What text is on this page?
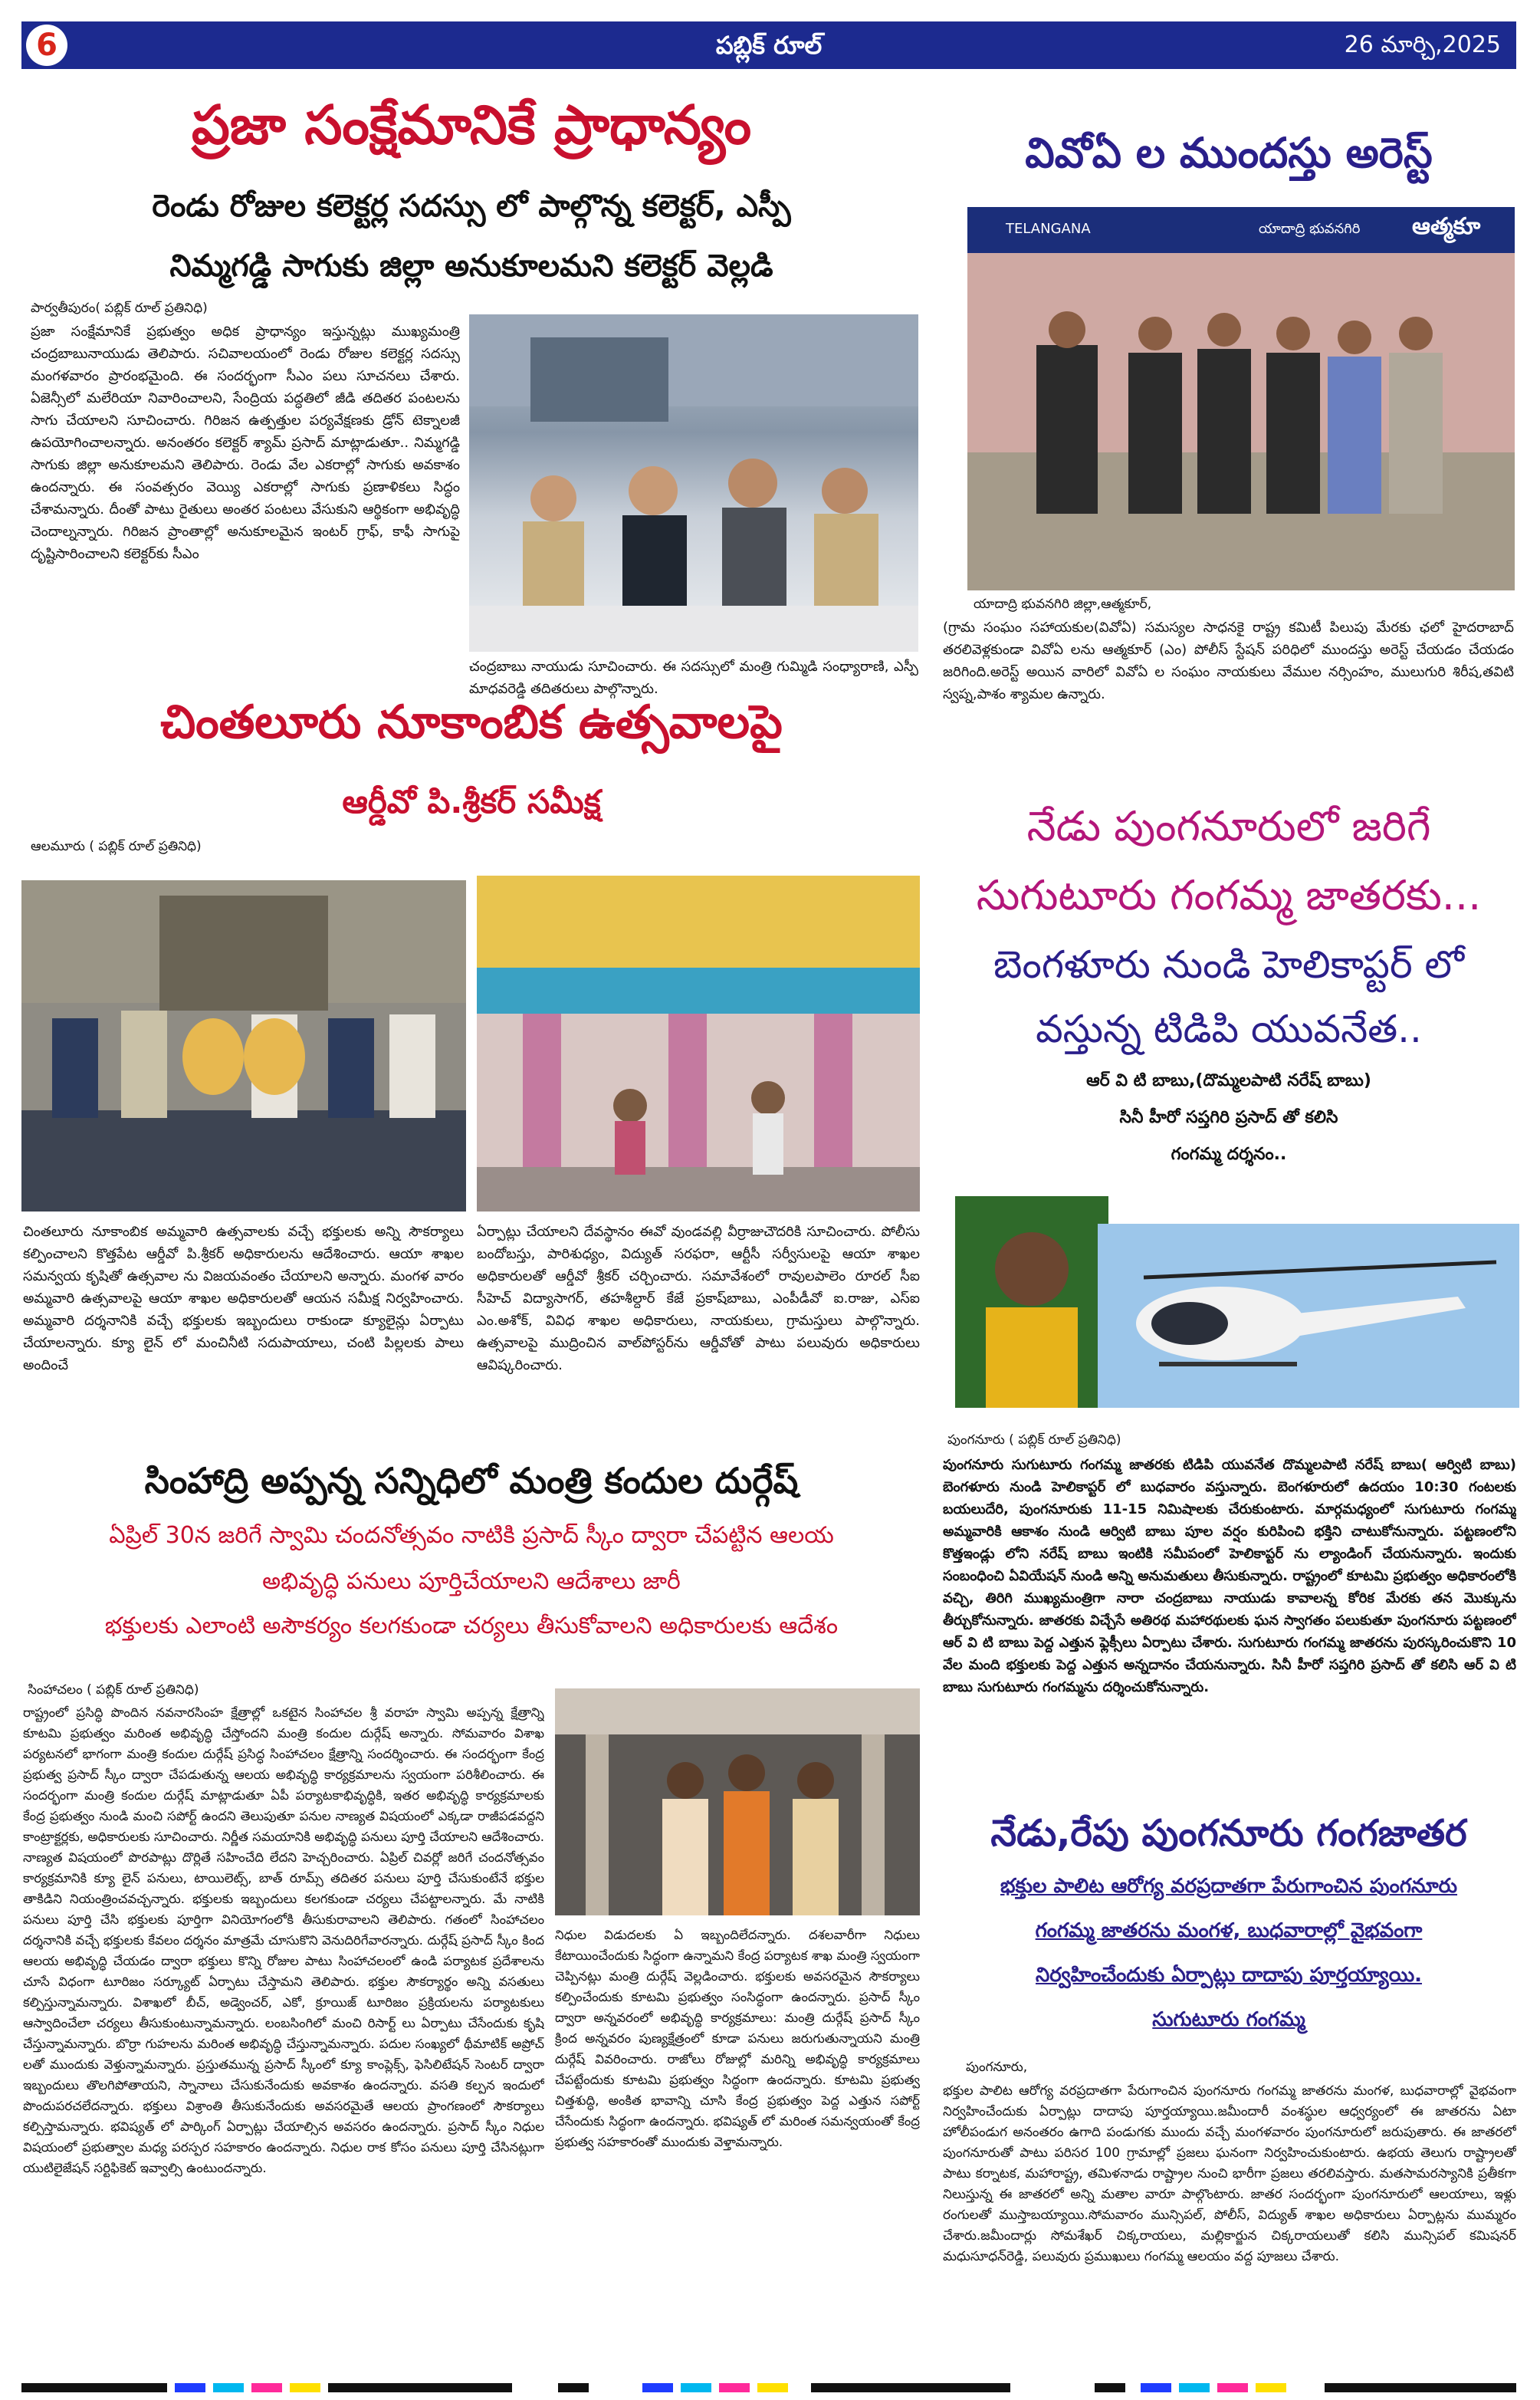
6	పబ్లిక్ రూల్	26 మార్చి,2025
ప్రజా సంక్షేమానికే ప్రాధాన్యం
రెండు రోజుల కలెక్టర్ల సదస్సు లో పాల్గొన్న కలెక్టర్, ఎస్పీ
నిమ్మగడ్డి సాగుకు జిల్లా అనుకూలమని కలెక్టర్ వెల్లడి
పార్వతీపురం( పబ్లిక్ రూల్ ప్రతినిధి)
ప్రజా సంక్షేమానికే ప్రభుత్వం అధిక ప్రాధాన్యం ఇస్తున్నట్లు ముఖ్యమంత్రి చంద్రబాబునాయుడు తెలిపారు. సచివాలయంలో రెండు రోజుల కలెక్టర్ల సదస్సు మంగళవారం ప్రారంభమైంది. ఈ సందర్భంగా సీఎం పలు సూచనలు చేశారు. ఏజెన్సీలో మలేరియా నివారించాలని, సేంద్రియ పద్ధతిలో జీడి తదితర పంటలను సాగు చేయాలని సూచించారు. గిరిజన ఉత్పత్తుల పర్యవేక్షణకు డ్రోన్ టెక్నాలజీ ఉపయోగించాలన్నారు. అనంతరం కలెక్టర్ శ్యామ్ ప్రసాద్ మాట్లాడుతూ.. నిమ్మగడ్డి సాగుకు జిల్లా అనుకూలమని తెలిపారు. రెండు వేల ఎకరాల్లో సాగుకు అవకాశం ఉందన్నారు. ఈ సంవత్సరం వెయ్యి ఎకరాల్లో సాగుకు ప్రణాళికలు సిద్ధం చేశామన్నారు. దీంతో పాటు రైతులు అంతర పంటలు వేసుకుని ఆర్థికంగా అభివృద్ధి చెందాల్నన్నారు. గిరిజన ప్రాంతాల్లో అనుకూలమైన ఇంటర్ గ్రాఫ్, కాఫీ సాగుపై దృష్టిసారించాలని కలెక్టర్‌కు సీఎం
చంద్రబాబు నాయుడు సూచించారు. ఈ సదస్సులో మంత్రి గుమ్మిడి సంధ్యారాణి, ఎస్పీ మాధవరెడ్డి తదితరులు పాల్గొన్నారు.
వివోఏ ల ముందస్తు అరెస్ట్
TELANGANA	యాదాద్రి భువనగిరి ఆత్మకూ
యాదాద్రి భువనగిరి జిల్లా,ఆత్మకూర్,
(గ్రామ సంఘం సహాయకుల(వివోఏ) సమస్యల సాధనకై రాష్ట్ర కమిటీ పిలుపు మేరకు ఛలో హైదరాబాద్ తరలివెళ్లకుండా వివోఏ లను ఆత్మకూర్ (ఎం) పోలీస్ స్టేషన్ పరిధిలో ముందస్తు అరెస్ట్ చేయడం చేయడం జరిగింది.అరెస్ట్ అయిన వారిలో వివోఏ ల సంఘం నాయకులు వేముల నర్సింహం, ములుగురి శిరీష,తవిటి స్వప్న,పాశం శ్యామల ఉన్నారు.
చింతలూరు నూకాంబిక ఉత్సవాలపై
ఆర్డీవో పి.శ్రీకర్ సమీక్ష
ఆలమూరు ( పబ్లిక్ రూల్ ప్రతినిధి)
చింతలూరు నూకాంబిక అమ్మవారి ఉత్సవాలకు వచ్చే భక్తులకు అన్ని సౌకర్యాలు కల్పించాలని కొత్తపేట ఆర్డీవో పి.శ్రీకర్ అధికారులను ఆదేశించారు. ఆయా శాఖల సమన్వయ కృషితో ఉత్సవాల ను విజయవంతం చేయాలని అన్నారు. మంగళ వారం అమ్మవారి ఉత్సవాలపై ఆయా శాఖల అధికారులతో ఆయన సమీక్ష నిర్వహించారు. అమ్మవారి దర్శనానికి వచ్చే భక్తులకు ఇబ్బందులు రాకుండా క్యూలైన్లు ఏర్పాటు చేయాలన్నారు. క్యూ లైన్ లో మంచినీటి సదుపాయాలు, చంటి పిల్లలకు పాలు అందించే
ఏర్పాట్లు చేయాలని దేవస్థానం ఈవో వుండవల్లి వీర్రాజుచౌదరికి సూచించారు. పోలీసు బందోబస్తు, పారిశుధ్యం, విద్యుత్ సరఫరా, ఆర్టీసీ సర్వీసులపై ఆయా శాఖల అధికారులతో ఆర్డీవో శ్రీకర్ చర్చించారు. సమావేశంలో రావులపాలెం రూరల్ సీఐ సీహెచ్ విద్యాసాగర్, తహశీల్దార్ కేజే ప్రకాష్‌బాబు, ఎంపీడీవో ఐ.రాజు, ఎస్ఐ ఎం.అశోక్, వివిధ శాఖల అధికారులు, నాయకులు, గ్రామస్తులు పాల్గొన్నారు. ఉత్సవాలపై ముద్రించిన వాల్‌పోస్టర్‌ను ఆర్డీవోతో పాటు పలువురు అధికారులు ఆవిష్కరించారు.
నేడు పుంగనూరులో జరిగే
సుగుటూరు గంగమ్మ జాతరకు...
బెంగళూరు నుండి హెలికాప్టర్ లో
వస్తున్న టిడిపి యువనేత..
ఆర్ వి టి బాబు,(దొమ్మలపాటి నరేష్ బాబు)
సినీ హీరో సప్తగిరి ప్రసాద్ తో కలిసి
గంగమ్మ దర్శనం..
పుంగనూరు ( పబ్లిక్ రూల్ ప్రతినిధి)
పుంగనూరు సుగుటూరు గంగమ్మ జాతరకు టిడిపి యువనేత దొమ్మలపాటి నరేష్ బాబు( ఆర్విటి బాబు) బెంగళూరు నుండి హెలికాప్టర్ లో బుధవారం వస్తున్నారు. బెంగళూరులో ఉదయం 10:30 గంటలకు బయలుదేరి, పుంగనూరుకు 11-15 నిమిషాలకు చేరుకుంటారు. మార్గమధ్యంలో సుగుటూరు గంగమ్మ అమ్మవారికి ఆకాశం నుండి ఆర్విటి బాబు పూల వర్షం కురిపించి భక్తిని చాటుకోనున్నారు. పట్టణంలోని కొత్తఇండ్లు లోని నరేష్ బాబు ఇంటికి సమీపంలో హెలికాప్టర్ ను ల్యాండింగ్ చేయనున్నారు. ఇందుకు సంబంధించి ఏవియేషన్ నుండి అన్ని అనుమతులు తీసుకున్నారు. రాష్ట్రంలో కూటమి ప్రభుత్వం అధికారంలోకి వచ్చి, తిరిగి ముఖ్యమంత్రిగా నారా చంద్రబాబు నాయుడు కావాలన్న కోరిక మేరకు తన మొక్కును తీర్చుకోనున్నారు. జాతరకు విచ్చేసే అతిరథ మహారథులకు ఘన స్వాగతం పలుకుతూ పుంగనూరు పట్టణంలో ఆర్ వి టి బాబు పెద్ద ఎత్తున ఫ్లెక్సీలు ఏర్పాటు చేశారు. సుగుటూరు గంగమ్మ జాతరను పురస్కరించుకొని 10 వేల మంది భక్తులకు పెద్ద ఎత్తున అన్నదానం చేయనున్నారు. సినీ హీరో సప్తగిరి ప్రసాద్ తో కలిసి ఆర్ వి టి బాబు సుగుటూరు గంగమ్మను దర్శించుకోనున్నారు.
సింహాద్రి అప్పన్న సన్నిధిలో మంత్రి కందుల దుర్గేష్
ఏప్రిల్ 30న జరిగే స్వామి చందనోత్సవం నాటికి ప్రసాద్ స్కీం ద్వారా చేపట్టిన ఆలయ
అభివృద్ధి పనులు పూర్తిచేయాలని ఆదేశాలు జారీ
భక్తులకు ఎలాంటి అసౌకర్యం కలగకుండా చర్యలు తీసుకోవాలని అధికారులకు ఆదేశం
సింహాచలం ( పబ్లిక్ రూల్ ప్రతినిధి)
రాష్ట్రంలో ప్రసిద్ధి పొందిన నవనారసింహ క్షేత్రాల్లో ఒకటైన సింహాచల శ్రీ వరాహ స్వామి అప్పన్న క్షేత్రాన్ని కూటమి ప్రభుత్వం మరింత అభివృద్ధి చేస్తోందని మంత్రి కందుల దుర్గేష్ అన్నారు. సోమవారం విశాఖ పర్యటనలో భాగంగా మంత్రి కందుల దుర్గేష్ ప్రసిద్ధ సింహాచలం క్షేత్రాన్ని సందర్శించారు. ఈ సందర్భంగా కేంద్ర ప్రభుత్వ ప్రసాద్ స్కీం ద్వారా చేపడుతున్న ఆలయ అభివృద్ధి కార్యక్రమాలను స్వయంగా పరిశీలించారు. ఈ సందర్భంగా మంత్రి కందుల దుర్గేష్ మాట్లాడుతూ ఏపీ పర్యాటకాభివృద్ధికి, ఇతర అభివృద్ధి కార్యక్రమాలకు కేంద్ర ప్రభుత్వం నుండి మంచి సపోర్ట్ ఉందని తెలుపుతూ పనుల నాణ్యత విషయంలో ఎక్కడా రాజీపడవద్దని కాంట్రాక్టర్లకు, అధికారులకు సూచించారు. నిర్ణీత సమయానికి అభివృద్ధి పనులు పూర్తి చేయాలని ఆదేశించారు. నాణ్యత విషయంలో పొరపాట్లు దొర్లితే సహించేది లేదని హెచ్చరించారు. ఏప్రిల్ చివర్లో జరిగే చందనోత్సవం కార్యక్రమానికి క్యూ లైన్ పనులు, టాయిలెట్స్, బాత్ రూమ్స్ తదితర పనులు పూర్తి చేసుకుంటేనే భక్తుల తాకిడిని నియంత్రించవచ్చన్నారు. భక్తులకు ఇబ్బందులు కలగకుండా చర్యలు చేపట్టాలన్నారు. మే నాటికి పనులు పూర్తి చేసి భక్తులకు పూర్తిగా వినియోగంలోకి తీసుకురావాలని తెలిపారు. గతంలో సింహాచలం దర్శనానికి వచ్చే భక్తులకు కేవలం దర్శనం మాత్రమే చూసుకొని వెనుదిరిగేవారన్నారు. దుర్గేష్ ప్రసాద్ స్కీం కింద ఆలయ అభివృద్ధి చేయడం ద్వారా భక్తులు కొన్ని రోజుల పాటు సింహాచలంలో ఉండి పర్యాటక ప్రదేశాలను చూసే విధంగా టూరిజం సర్క్యూట్ ఏర్పాటు చేస్తామని తెలిపారు. భక్తుల సౌకర్యార్థం అన్ని వసతులు కల్పిస్తున్నామన్నారు. విశాఖలో బీచ్, అడ్వెంచర్, ఎకో, క్రూయిజ్ టూరిజం ప్రక్రియలను పర్యాటకులు ఆస్వాదించేలా చర్యలు తీసుకుంటున్నామన్నారు. లంబసింగిలో మంచి రిసార్ట్ లు ఏర్పాటు చేసేందుకు కృషి చేస్తున్నామన్నారు. బొర్రా గుహలను మరింత అభివృద్ధి చేస్తున్నామన్నారు. పదుల సంఖ్యలో థీమాటిక్ అప్రోచ్ లతో ముందుకు వెళ్తున్నామన్నారు. ప్రస్తుతమున్న ప్రసాద్ స్కీంలో క్యూ కాంప్లెక్స్, ఫెసిలిటేషన్ సెంటర్ ద్వారా ఇబ్బందులు తొలగిపోతాయని, స్నానాలు చేసుకునేందుకు అవకాశం ఉందన్నారు. వసతి కల్పన ఇందులో పొందుపరచలేదన్నారు. భక్తులు విశ్రాంతి తీసుకునేందుకు అవసరమైతే ఆలయ ప్రాంగణంలో సౌకర్యాలు కల్పిస్తామన్నారు. భవిష్యత్ లో పార్కింగ్ ఏర్పాట్లు చేయాల్సిన అవసరం ఉందన్నారు. ప్రసాద్ స్కీం నిధుల విషయంలో ప్రభుత్వాల మధ్య పరస్పర సహకారం ఉందన్నారు. నిధుల రాక కోసం పనులు పూర్తి చేసినట్లుగా యుటిలైజేషన్ సర్టిఫికెట్ ఇవ్వాల్సి ఉంటుందన్నారు.
నిధుల విడుదలకు ఏ ఇబ్బందిలేదన్నారు. దశలవారీగా నిధులు కేటాయించేందుకు సిద్ధంగా ఉన్నామని కేంద్ర పర్యాటక శాఖ మంత్రి స్వయంగా చెప్పినట్లు మంత్రి దుర్గేష్ వెల్లడించారు. భక్తులకు అవసరమైన సౌకర్యాలు కల్పించేందుకు కూటమి ప్రభుత్వం సంసిద్ధంగా ఉందన్నారు. ప్రసాద్ స్కీం ద్వారా అన్నవరంలో అభివృద్ధి కార్యక్రమాలు: మంత్రి దుర్గేష్ ప్రసాద్ స్కీం క్రింద అన్నవరం పుణ్యక్షేత్రంలో కూడా పనులు జరుగుతున్నాయని మంత్రి దుర్గేష్ వివరించారు. రాజోలు రోజుల్లో మరిన్ని అభివృద్ధి కార్యక్రమాలు చేపట్టేందుకు కూటమి ప్రభుత్వం సిద్ధంగా ఉందన్నారు. కూటమి ప్రభుత్వ చిత్తశుద్ధి, అంకిత భావాన్ని చూసి కేంద్ర ప్రభుత్వం పెద్ద ఎత్తున సపోర్ట్ చేసేందుకు సిద్ధంగా ఉందన్నారు. భవిష్యత్ లో మరింత సమన్వయంతో కేంద్ర ప్రభుత్వ సహకారంతో ముందుకు వెళ్తామన్నారు.
నేడు,రేపు పుంగనూరు గంగజాతర
భక్తుల పాలిట ఆరోగ్య వరప్రదాతగా పేరుగాంచిన పుంగనూరు
గంగమ్మ జాతరను మంగళ, బుధవారాల్లో వైభవంగా
నిర్వహించేందుకు ఏర్పాట్లు దాదాపు పూర్తయ్యాయి.
సుగుటూరు గంగమ్మ
పుంగనూరు,
భక్తుల పాలిట ఆరోగ్య వరప్రదాతగా పేరుగాంచిన పుంగనూరు గంగమ్మ జాతరను మంగళ, బుధవారాల్లో వైభవంగా నిర్వహించేందుకు ఏర్పాట్లు దాదాపు పూర్తయ్యాయి.జమీందారీ వంశస్థుల ఆధ్వర్యంలో ఈ జాతరను ఏటా హోలీపండుగ అనంతరం ఉగాది పండుగకు ముందు వచ్చే మంగళవారం పుంగనూరులో జరుపుతారు. ఈ జాతరలో పుంగనూరుతో పాటు పరిసర 100 గ్రామాల్లో ప్రజలు ఘనంగా నిర్వహించుకుంటారు. ఉభయ తెలుగు రాష్ట్రాలతో పాటు కర్నాటక, మహారాష్ట్ర, తమిళనాడు రాష్ట్రాల నుంచి భారీగా ప్రజలు తరలివస్తారు. మతసామరస్యానికి ప్రతీకగా నిలుస్తున్న ఈ జాతరలో అన్ని మతాల వారూ పాల్గొంటారు. జాతర సందర్భంగా పుంగనూరులో ఆలయాలు, ఇళ్లు రంగులతో ముస్తాబయ్యాయి.సోమవారం మున్సిపల్, పోలీస్, విద్యుత్ శాఖల అధికారులు ఏర్పాట్లను ముమ్మరం చేశారు.జమీందార్లు సోమశేఖర్ చిక్కరాయలు, మల్లికార్జున చిక్కరాయలుతో కలిసి మున్సిపల్ కమిషనర్ మధుసూధన్‌రెడ్డి, పలువురు ప్రముఖులు గంగమ్మ ఆలయం వద్ద పూజలు చేశారు.
